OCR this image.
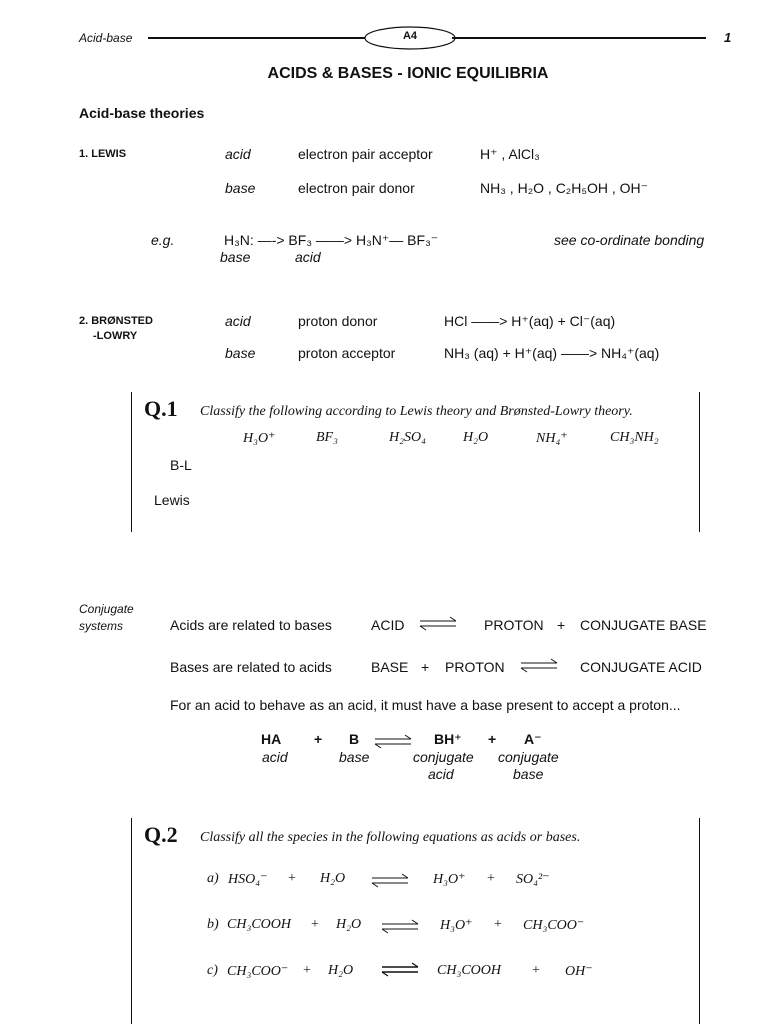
Acid-base	A4	1
ACIDS & BASES - IONIC EQUILIBRIA
Acid-base theories
1. LEWIS	acid	electron pair acceptor	H⁺ , AlCl₃
base	electron pair donor	NH₃ , H₂O , C₂H₅OH , OH⁻
e.g.	H₃N: —-> BF₃ ——> H₃N⁺— BF₃⁻
base	acid
see co-ordinate bonding
2. BRØNSTED
-LOWRY
acid	proton donor	HCl ——> H⁺(aq) + Cl⁻(aq)
base	proton acceptor	NH₃ (aq) + H⁺(aq) ——> NH₄⁺(aq)
Q.1 Classify the following according to Lewis theory and Brønsted-Lowry theory.
H₃O⁺	BF₃	H₂SO₄	H₂O	NH₄⁺	CH₃NH₂
B-L
Lewis
Conjugate
systems	Acids are related to bases	ACID ⇌ PROTON + CONJUGATE BASE
Bases are related to acids	BASE + PROTON ⇌ CONJUGATE ACID
For an acid to behave as an acid, it must have a base present to accept a proton...
HA + B ⇌ BH⁺ + A⁻
acid	base	conjugate
acid
conjugate
base
Q.2 Classify all the species in the following equations as acids or bases.
a) HSO₄⁻ + H₂O ⇌ H₃O⁺ + SO₄²⁻
b) CH₃COOH + H₂O ⇌ H₃O⁺ + CH₃COO⁻
c) CH₃COO⁻ + H₂O ⇌ CH₃COOH + OH⁻
